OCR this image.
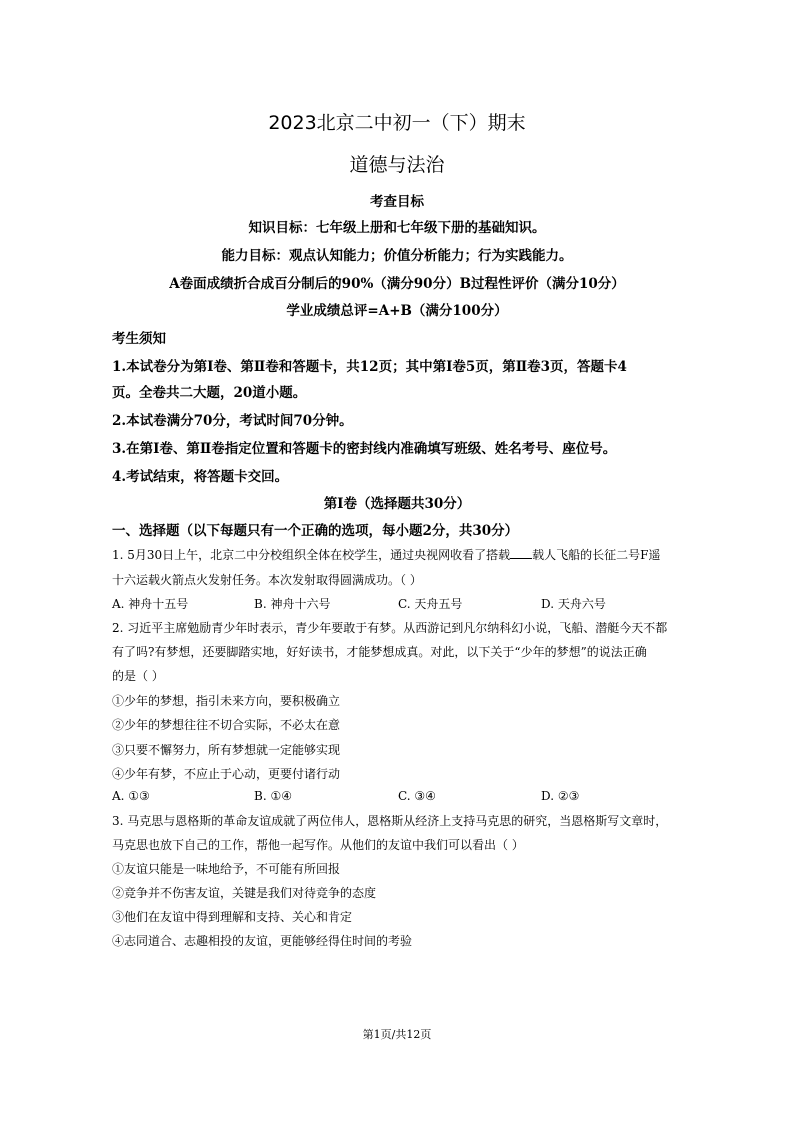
2023北京二中初一（下）期末
道德与法治
考查目标
知识目标：七年级上册和七年级下册的基础知识。
能力目标：观点认知能力；价值分析能力；行为实践能力。
A卷面成绩折合成百分制后的90%（满分90分）B过程性评价（满分10分）
学业成绩总评=A+B（满分100分）
考生须知
1.本试卷分为第Ⅰ卷、第Ⅱ卷和答题卡，共12页；其中第Ⅰ卷5页，第Ⅱ卷3页，答题卡4
页。全卷共二大题，20道小题。
2.本试卷满分70分，考试时间70分钟。
3.在第Ⅰ卷、第Ⅱ卷指定位置和答题卡的密封线内准确填写班级、姓名考号、座位号。
4.考试结束，将答题卡交回。
第Ⅰ卷（选择题共30分）
一、选择题（以下每题只有一个正确的选项，每小题2分，共30分）
1. 5月30日上午，北京二中分校组织全体在校学生，通过央视网收看了搭载 载人飞船的长征二号F遥
十六运载火箭点火发射任务。本次发射取得圆满成功。（ ）
A. 神舟十五号	B. 神舟十六号	C. 天舟五号	D. 天舟六号
2. 习近平主席勉励青少年时表示，青少年要敢于有梦。从西游记到凡尔纳科幻小说，飞船、潜艇今天不都
有了吗?有梦想，还要脚踏实地，好好读书，才能梦想成真。对此，以下关于“少年的梦想”的说法正确
的是（ ）
①少年的梦想，指引未来方向，要积极确立
②少年的梦想往往不切合实际，不必太在意
③只要不懈努力，所有梦想就一定能够实现
④少年有梦，不应止于心动，更要付诸行动
A. ①③	B. ①④	C. ③④	D. ②③
3. 马克思与恩格斯的革命友谊成就了两位伟人，恩格斯从经济上支持马克思的研究，当恩格斯写文章时，
马克思也放下自己的工作，帮他一起写作。从他们的友谊中我们可以看出（ ）
①友谊只能是一味地给予，不可能有所回报
②竞争并不伤害友谊，关键是我们对待竞争的态度
③他们在友谊中得到理解和支持、关心和肯定
④志同道合、志趣相投的友谊，更能够经得住时间的考验
第1页/共12页
